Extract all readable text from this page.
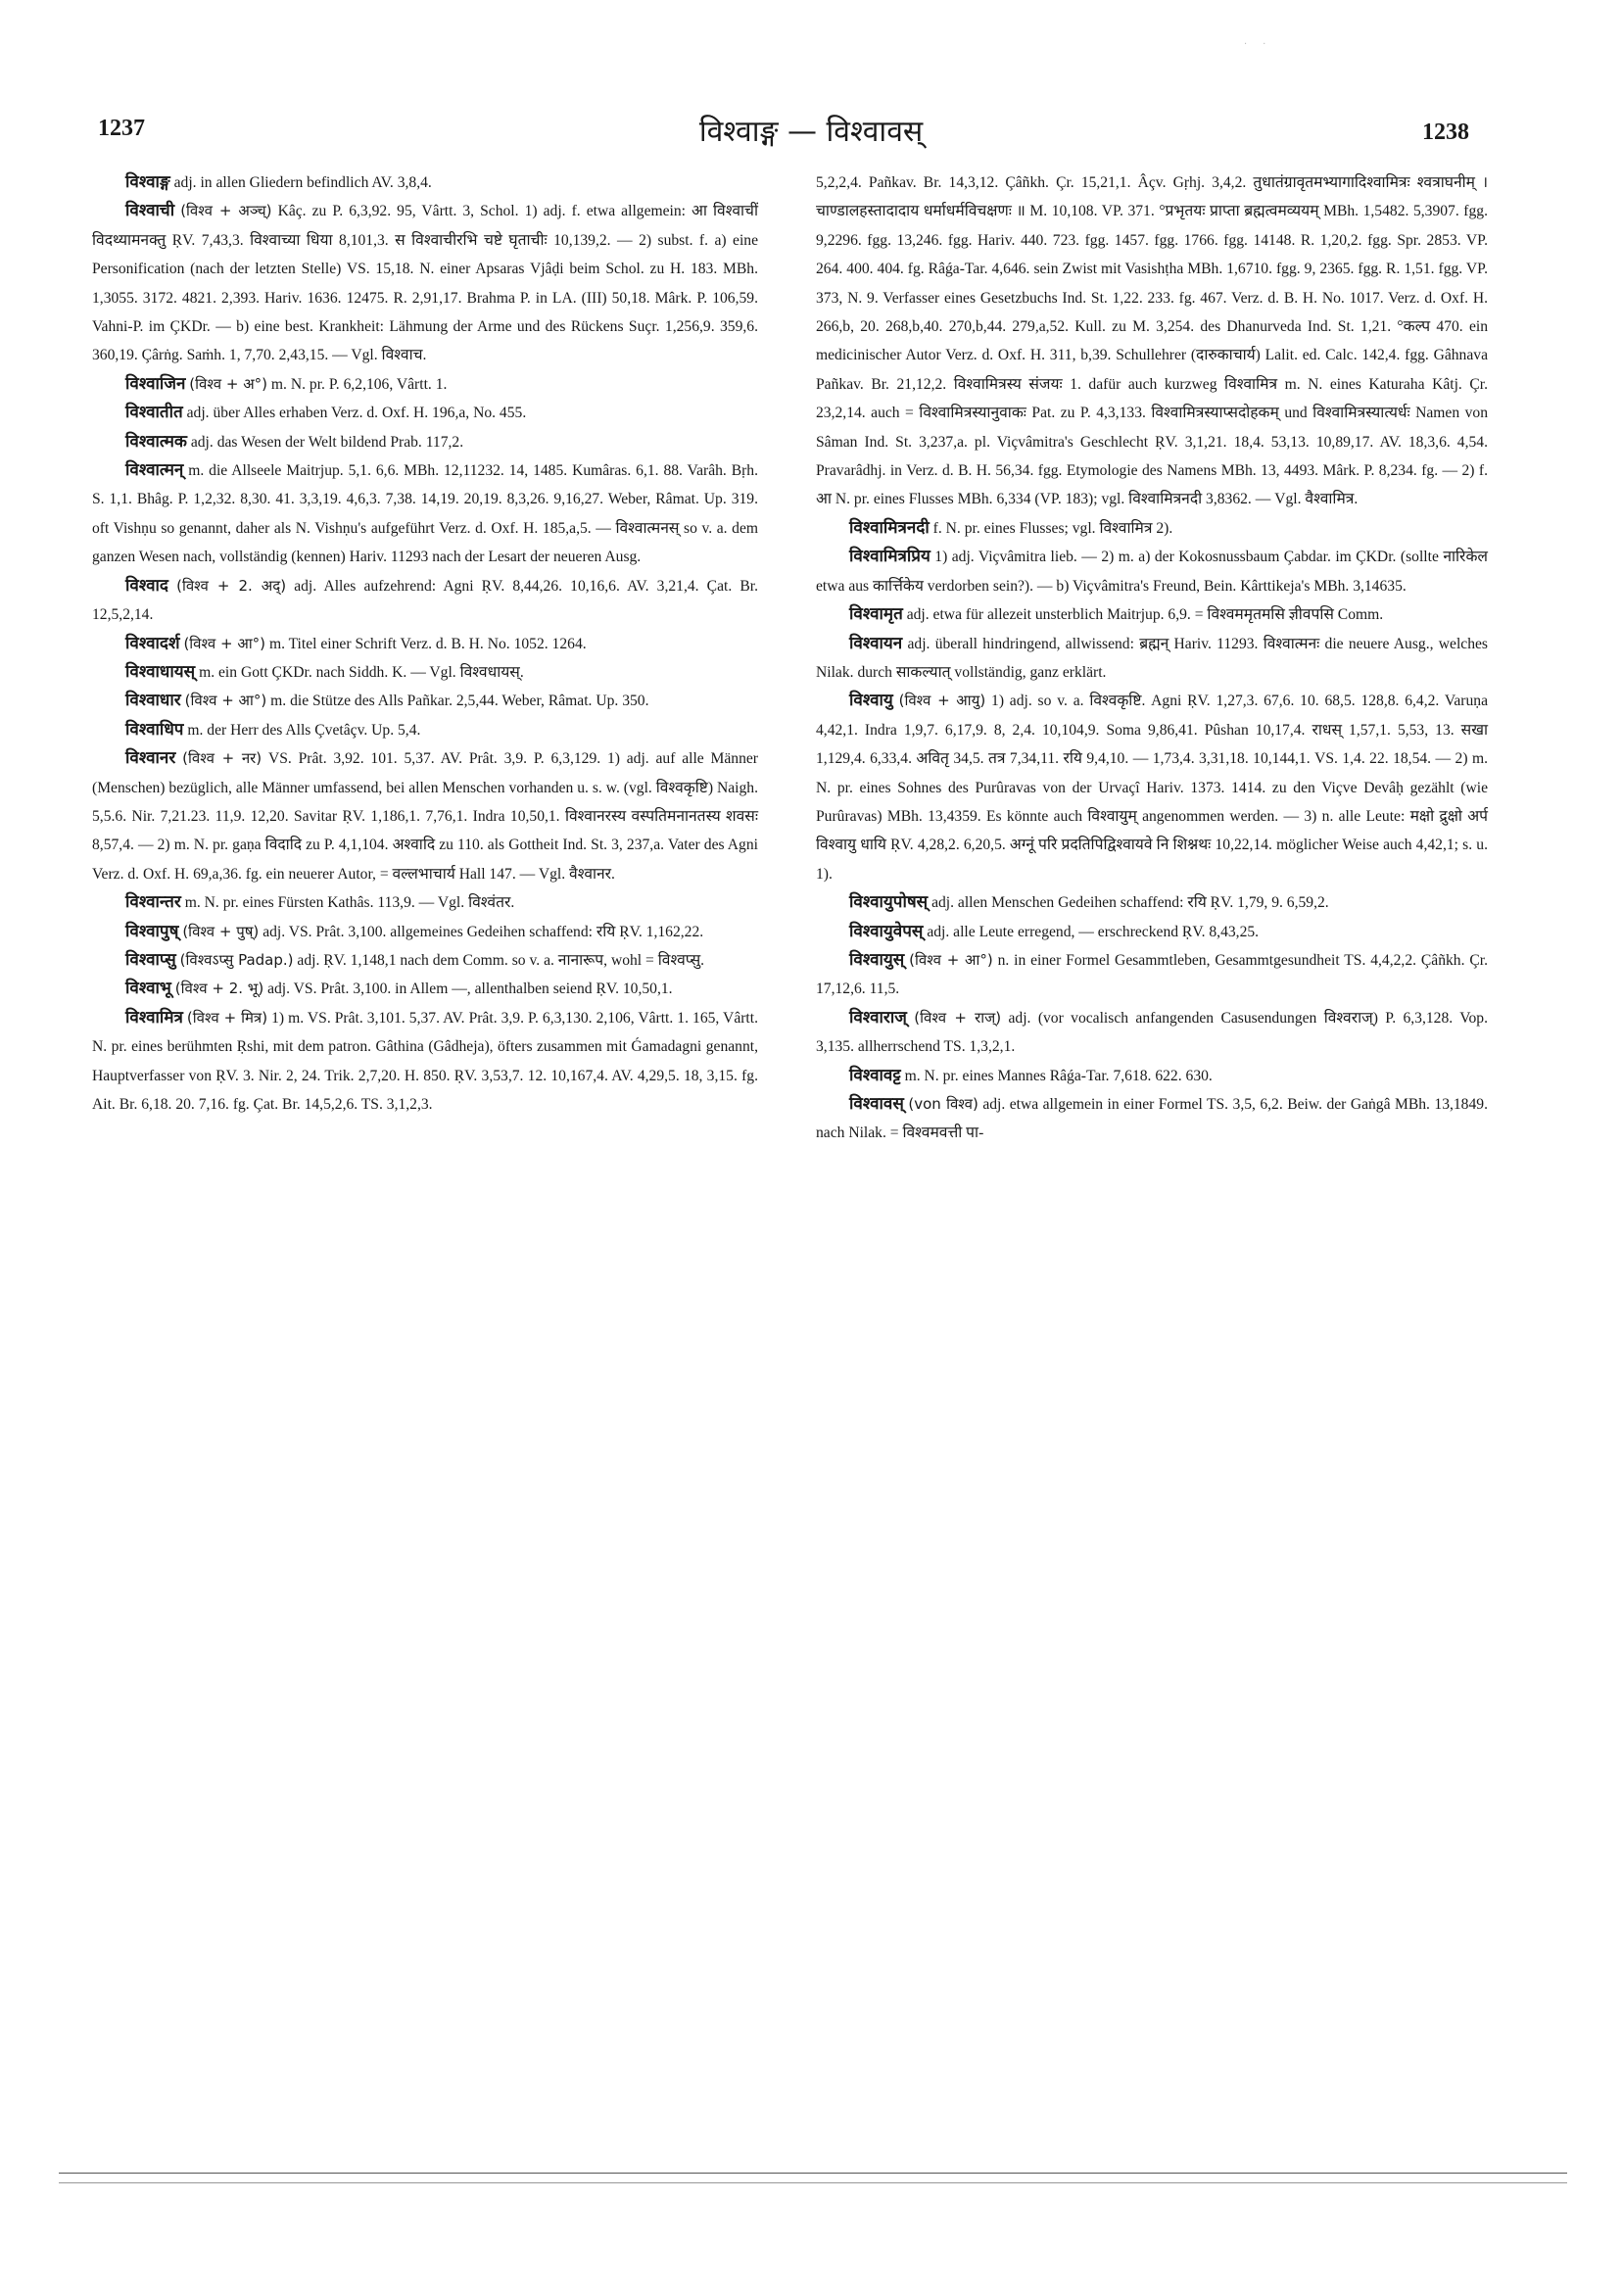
·     ·
1237	विश्वाङ्ग — विश्वावस्	1238

विश्वाङ्ग adj. in allen Gliedern befindlich AV. 3,8,4.

विश्वाची (विश्व + अञ्च्) Kâç. zu P. 6,3,92. 95, Vârtt. 3, Schol. 1) adj. f. etwa allgemein: आ विश्वाचीं विदथ्यामनक्तु ṚV. 7,43,3. विश्वाच्या धिया 8,101,3. स विश्वाचीरभि चष्टे घृताचीः 10,139,2. — 2) subst. f. a) eine Personification (nach der letzten Stelle) VS. 15,18. N. einer Apsaras Vjâḍi beim Schol. zu H. 183. MBh. 1,3055. 3172. 4821. 2,393. Hariv. 1636. 12475. R. 2,91,17. Brahma P. in LA. (III) 50,18. Mârk. P. 106,59. Vahni-P. im ÇKDr. — b) eine best. Krankheit: Lähmung der Arme und des Rückens Suçr. 1,256,9. 359,6. 360,19. Çârṅg. Saṁh. 1, 7,70. 2,43,15. — Vgl. विश्वाच.

विश्वाजिन (विश्व + अ°) m. N. pr. P. 6,2,106, Vârtt. 1.

विश्वातीत adj. über Alles erhaben Verz. d. Oxf. H. 196,a, No. 455.

विश्वात्मक adj. das Wesen der Welt bildend Prab. 117,2.

विश्वात्मन् m. die Allseele Maitrjup. 5,1. 6,6. MBh. 12,11232. 14, 1485. Kumâras. 6,1. 88. Varâh. Bṛh. S. 1,1. Bhâg. P. 1,2,32. 8,30. 41. 3,3,19. 4,6,3. 7,38. 14,19. 20,19. 8,3,26. 9,16,27. Weber, Râmat. Up. 319. oft Vishṇu so genannt, daher als N. Vishṇu's aufgeführt Verz. d. Oxf. H. 185,a,5. — विश्वात्मनस् so v. a. dem ganzen Wesen nach, vollständig (kennen) Hariv. 11293 nach der Lesart der neueren Ausg.

विश्वाद (विश्व + 2. अद्) adj. Alles aufzehrend: Agni ṚV. 8,44,26. 10,16,6. AV. 3,21,4. Çat. Br. 12,5,2,14.

विश्वादर्श (विश्व + आ°) m. Titel einer Schrift Verz. d. B. H. No. 1052. 1264.

विश्वाधायस् m. ein Gott ÇKDr. nach Siddh. K. — Vgl. विश्वधायस्.

विश्वाधार (विश्व + आ°) m. die Stütze des Alls Pañkar. 2,5,44. Weber, Râmat. Up. 350.

विश्वाधिप m. der Herr des Alls Çvetâçv. Up. 5,4.

विश्वानर (विश्व + नर) VS. Prât. 3,92. 101. 5,37. AV. Prât. 3,9. P. 6,3,129. 1) adj. auf alle Männer (Menschen) bezüglich, alle Männer umfassend, bei allen Menschen vorhanden u. s. w. (vgl. विश्वकृष्टि) Naigh. 5,5.6. Nir. 7,21.23. 11,9. 12,20. Savitar ṚV. 1,186,1. 7,76,1. Indra 10,50,1. विश्वानरस्य वस्पतिमनानतस्य शवसः 8,57,4. — 2) m. N. pr. gaṇa विदादि zu P. 4,1,104. अश्वादि zu 110. als Gottheit Ind. St. 3, 237,a. Vater des Agni Verz. d. Oxf. H. 69,a,36. fg. ein neuerer Autor, = वल्लभाचार्य Hall 147. — Vgl. वैश्वानर.

विश्वान्तर m. N. pr. eines Fürsten Kathâs. 113,9. — Vgl. विश्वंतर.

विश्वापुष् (विश्व + पुष्) adj. VS. Prât. 3,100. allgemeines Gedeihen schaffend: रयि ṚV. 1,162,22.

विश्वाप्सु (विश्वऽप्सु Padap.) adj. ṚV. 1,148,1 nach dem Comm. so v. a. नानारूप, wohl = विश्वप्सु.

विश्वाभू (विश्व + 2. भू) adj. VS. Prât. 3,100. in Allem —, allenthalben seiend ṚV. 10,50,1.

विश्वामित्र (विश्व + मित्र) 1) m. VS. Prât. 3,101. 5,37. AV. Prât. 3,9. P. 6,3,130. 2,106, Vârtt. 1. 165, Vârtt. N. pr. eines berühmten Ṛshi, mit dem patron. Gâthina (Gâdheja), öfters zusammen mit Ǵamadagni genannt, Hauptverfasser von ṚV. 3. Nir. 2, 24. Trik. 2,7,20. H. 850. ṚV. 3,53,7. 12. 10,167,4. AV. 4,29,5. 18, 3,15. fg. Ait. Br. 6,18. 20. 7,16. fg. Çat. Br. 14,5,2,6. TS. 3,1,2,3.

5,2,2,4. Pañkav. Br. 14,3,12. Çâñkh. Çr. 15,21,1. Âçv. Gṛhj. 3,4,2. तुधातंग्रावृतमभ्यागादिश्वामित्रः श्वत्राघनीम् । चाण्डालहस्तादादाय धर्माधर्मविचक्षणः ॥ M. 10,108. VP. 371. °प्रभृतयः प्राप्ता ब्रह्मत्वमव्ययम् MBh. 1,5482. 5,3907. fgg. 9,2296. fgg. 13,246. fgg. Hariv. 440. 723. fgg. 1457. fgg. 1766. fgg. 14148. R. 1,20,2. fgg. Spr. 2853. VP. 264. 400. 404. fg. Râǵa-Tar. 4,646. sein Zwist mit Vasishṭha MBh. 1,6710. fgg. 9, 2365. fgg. R. 1,51. fgg. VP. 373, N. 9. Verfasser eines Gesetzbuchs Ind. St. 1,22. 233. fg. 467. Verz. d. B. H. No. 1017. Verz. d. Oxf. H. 266,b, 20. 268,b,40. 270,b,44. 279,a,52. Kull. zu M. 3,254. des Dhanurveda Ind. St. 1,21. °कल्प 470. ein medicinischer Autor Verz. d. Oxf. H. 311, b,39. Schullehrer (दारुकाचार्य) Lalit. ed. Calc. 142,4. fgg. Gâhnava Pañkav. Br. 21,12,2. विश्वामित्रस्य संजयः 1. dafür auch kurzweg विश्वामित्र m. N. eines Katuraha Kâtj. Çr. 23,2,14. auch = विश्वामित्रस्यानुवाकः Pat. zu P. 4,3,133. विश्वामित्रस्याप्सदोहकम् und विश्वामित्रस्यात्यर्धः Namen von Sâman Ind. St. 3,237,a. pl. Viçvâmitra's Geschlecht ṚV. 3,1,21. 18,4. 53,13. 10,89,17. AV. 18,3,6. 4,54. Pravarâdhj. in Verz. d. B. H. 56,34. fgg. Etymologie des Namens MBh. 13, 4493. Mârk. P. 8,234. fg. — 2) f. आ N. pr. eines Flusses MBh. 6,334 (VP. 183); vgl. विश्वामित्रनदी 3,8362. — Vgl. वैश्वामित्र.

विश्वामित्रनदी f. N. pr. eines Flusses; vgl. विश्वामित्र 2).

विश्वामित्रप्रिय 1) adj. Viçvâmitra lieb. — 2) m. a) der Kokosnussbaum Çabdar. im ÇKDr. (sollte नारिकेल etwa aus कार्त्तिकेय verdorben sein?). — b) Viçvâmitra's Freund, Bein. Kârttikeja's MBh. 3,14635.

विश्वामृत adj. etwa für allezeit unsterblich Maitrjup. 6,9. = विश्वममृतमसि ज्ञीवपसि Comm.

विश्वायन adj. überall hindringend, allwissend: ब्रह्मन् Hariv. 11293. विश्वात्मनः die neuere Ausg., welches Nilak. durch साकल्यात् vollständig, ganz erklärt.

विश्वायु (विश्व + आयु) 1) adj. so v. a. विश्वकृष्टि. Agni ṚV. 1,27,3. 67,6. 10. 68,5. 128,8. 6,4,2. Varuṇa 4,42,1. Indra 1,9,7. 6,17,9. 8, 2,4. 10,104,9. Soma 9,86,41. Pûshan 10,17,4. राधस् 1,57,1. 5,53, 13. सखा 1,129,4. 6,33,4. अवितृ 34,5. तत्र 7,34,11. रयि 9,4,10. — 1,73,4. 3,31,18. 10,144,1. VS. 1,4. 22. 18,54. — 2) m. N. pr. eines Sohnes des Purûravas von der Urvaçî Hariv. 1373. 1414. zu den Viçve Devâḥ gezählt (wie Purûravas) MBh. 13,4359. Es könnte auch विश्वायुम् angenommen werden. — 3) n. alle Leute: मक्षो द्रुक्षो अर्प विश्वायु धायि ṚV. 4,28,2. 6,20,5. अग्नूं परि प्रदतिपिद्विश्वायवे नि शिश्नथः 10,22,14. möglicher Weise auch 4,42,1; s. u. 1).

विश्वायुपोषस् adj. allen Menschen Gedeihen schaffend: रयि ṚV. 1,79, 9. 6,59,2.

विश्वायुवेपस् adj. alle Leute erregend, — erschreckend ṚV. 8,43,25.

विश्वायुस् (विश्व + आ°) n. in einer Formel Gesammtleben, Gesammtgesundheit TS. 4,4,2,2. Çâñkh. Çr. 17,12,6. 11,5.

विश्वाराज् (विश्व + राज्) adj. (vor vocalisch anfangenden Casusendungen विश्वराज्) P. 6,3,128. Vop. 3,135. allherrschend TS. 1,3,2,1.

विश्वावट्ट m. N. pr. eines Mannes Râǵa-Tar. 7,618. 622. 630.

विश्वावस् (von विश्व) adj. etwa allgemein in einer Formel TS. 3,5, 6,2. Beiw. der Gaṅgâ MBh. 13,1849. nach Nilak. = विश्वमवत्ती पा-
